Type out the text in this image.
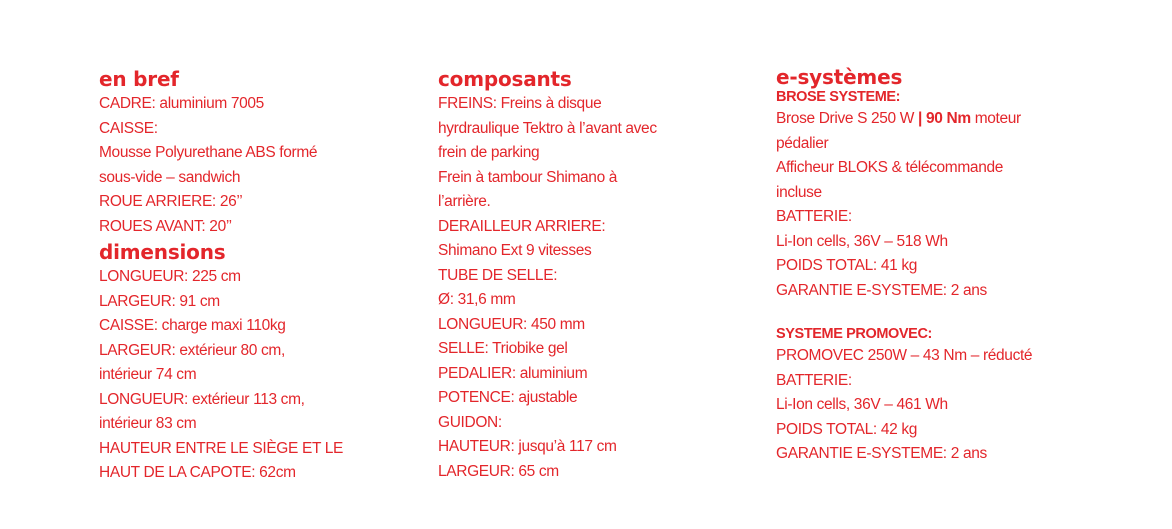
en bref
CADRE: aluminium 7005
CAISSE:
Mousse Polyurethane ABS formé
sous-vide – sandwich
ROUE ARRIERE: 26’’
ROUES AVANT: 20’’
dimensions
LONGUEUR: 225 cm
LARGEUR: 91 cm
CAISSE: charge maxi 110kg
LARGEUR: extérieur 80 cm,
intérieur 74 cm
LONGUEUR: extérieur 113 cm,
intérieur 83 cm
HAUTEUR ENTRE LE SIÈGE ET LE
HAUT DE LA CAPOTE: 62cm
composants
FREINS: Freins à disque
hyrdraulique Tektro à l’avant avec
frein de parking
Frein à tambour Shimano à
l’arrière.
DERAILLEUR ARRIERE:
Shimano Ext 9 vitesses
TUBE DE SELLE:
Ø: 31,6 mm
LONGUEUR: 450 mm
SELLE: Triobike gel
PEDALIER: aluminium
POTENCE: ajustable
GUIDON:
HAUTEUR: jusqu’à 117 cm
LARGEUR: 65 cm
e-systèmes
BROSE SYSTEME:
Brose Drive S 250 W | 90 Nm moteur
pédalier
Afficheur BLOKS & télécommande
incluse
BATTERIE:
Li-Ion cells, 36V – 518 Wh
POIDS TOTAL: 41 kg
GARANTIE E-SYSTEME: 2 ans
SYSTEME PROMOVEC:
PROMOVEC 250W – 43 Nm – réducté
BATTERIE:
Li-Ion cells, 36V – 461 Wh
POIDS TOTAL: 42 kg
GARANTIE E-SYSTEME: 2 ans
